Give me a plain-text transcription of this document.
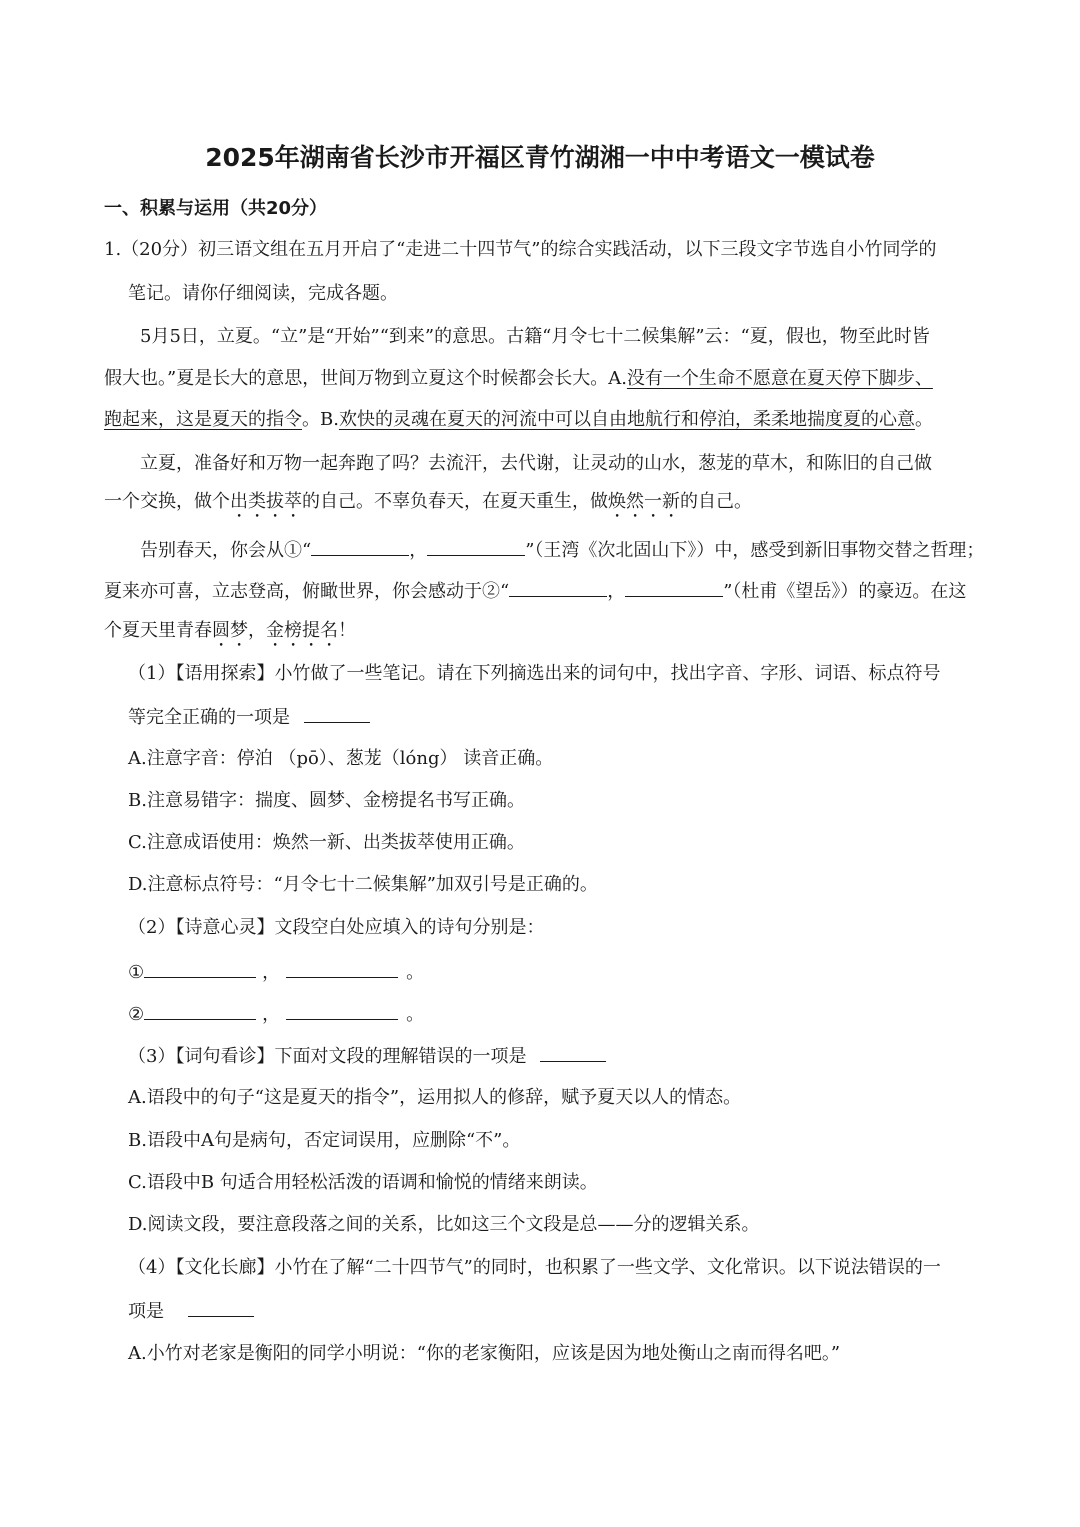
2025年湖南省长沙市开福区青竹湖湘一中中考语文一模试卷
一、积累与运用（共20分）
1.（20分）初三语文组在五月开启了“走进二十四节气”的综合实践活动，以下三段文字节选自小竹同学的
笔记。请你仔细阅读，完成各题。
5月5日，立夏。“立”是“开始”“到来”的意思。古籍“月令七十二候集解”云：“夏，假也，物至此时皆
假大也。”夏是长大的意思，世间万物到立夏这个时候都会长大。A.没有一个生命不愿意在夏天停下脚步、
跑起来，这是夏天的指令。B.欢快的灵魂在夏天的河流中可以自由地航行和停泊，柔柔地揣度夏的心意。
立夏，准备好和万物一起奔跑了吗？去流汗，去代谢，让灵动的山水，葱茏的草木，和陈旧的自己做
一个交换，做个出类拔萃的自己。不辜负春天，在夏天重生，做焕然一新的自己。
告别春天，你会从①“	，	”（王湾《次北固山下》）中，感受到新旧事物交替之哲理；
夏来亦可喜，立志登高，俯瞰世界，你会感动于②“	，	”（杜甫《望岳》）的豪迈。在这
个夏天里青春圆梦，金榜提名！
（1）【语用探索】小竹做了一些笔记。请在下列摘选出来的词句中，找出字音、字形、词语、标点符号
等完全正确的一项是
A.注意字音：停泊 （pō）、葱茏（lóng） 读音正确。
B.注意易错字：揣度、圆梦、金榜提名书写正确。
C.注意成语使用：焕然一新、出类拔萃使用正确。
D.注意标点符号：“月令七十二候集解”加双引号是正确的。
（2）【诗意心灵】文段空白处应填入的诗句分别是：
①	，	。
②	，	。
（3）【词句看诊】下面对文段的理解错误的一项是
A.语段中的句子“这是夏天的指令”，运用拟人的修辞，赋予夏天以人的情态。
B.语段中A句是病句，否定词误用，应删除“不”。
C.语段中B 句适合用轻松活泼的语调和愉悦的情绪来朗读。
D.阅读文段，要注意段落之间的关系，比如这三个文段是总——分的逻辑关系。
（4）【文化长廊】小竹在了解“二十四节气”的同时，也积累了一些文学、文化常识。以下说法错误的一
项是
A.小竹对老家是衡阳的同学小明说：“你的老家衡阳，应该是因为地处衡山之南而得名吧。”
